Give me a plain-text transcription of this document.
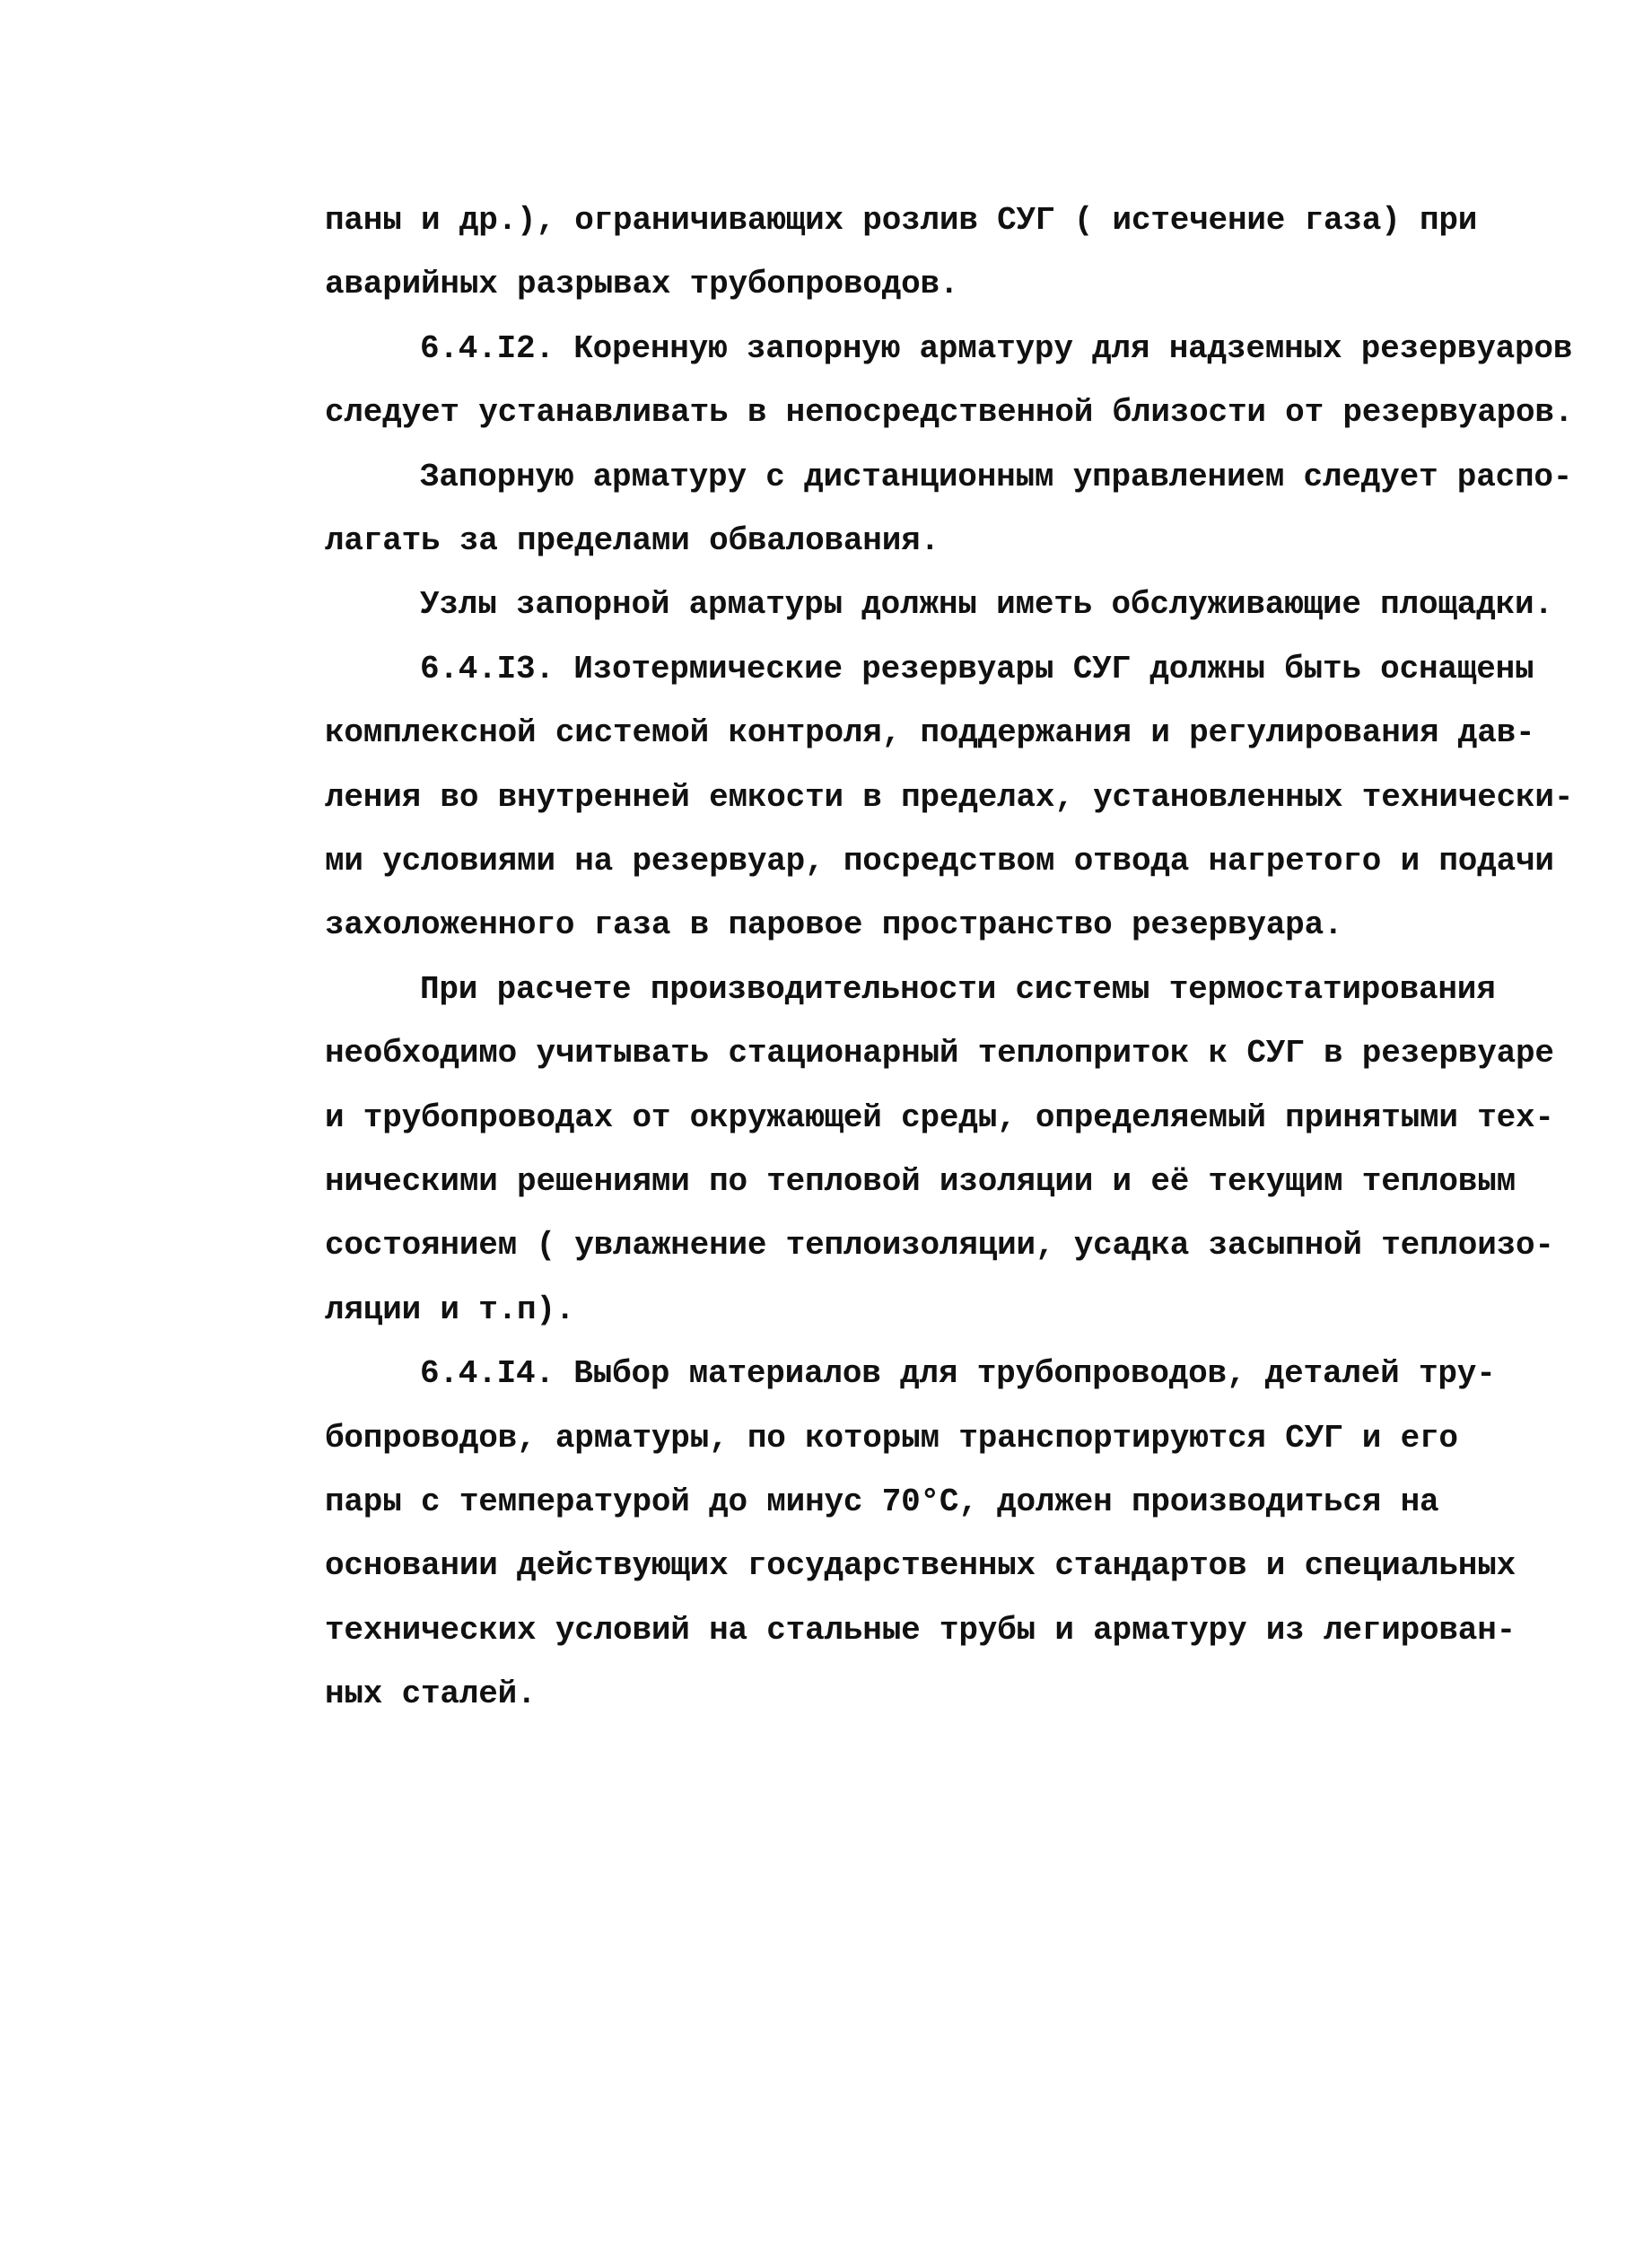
паны и др.), ограничивающих розлив СУГ ( истечение газа) при
аварийных разрывах трубопроводов.
6.4.I2. Коренную запорную арматуру для надземных резервуаров
следует устанавливать в непосредственной близости от резервуаров.
Запорную арматуру с дистанционным управлением следует распо-
лагать за пределами обвалования.
Узлы запорной арматуры должны иметь обслуживающие площадки.
6.4.I3. Изотермические резервуары СУГ должны быть оснащены
комплексной системой контроля, поддержания и регулирования дав-
ления во внутренней емкости в пределах, установленных технически-
ми условиями на резервуар, посредством отвода нагретого и подачи
захоложенного газа в паровое пространство резервуара.
При расчете производительности системы термостатирования
необходимо учитывать стационарный теплоприток к СУГ в резервуаре
и трубопроводах от окружающей среды, определяемый принятыми тех-
ническими решениями по тепловой изоляции и её текущим тепловым
состоянием ( увлажнение теплоизоляции, усадка засыпной теплоизо-
ляции и т.п).
6.4.I4. Выбор материалов для трубопроводов, деталей тру-
бопроводов, арматуры, по которым транспортируются СУГ и его
пары с температурой до минус 70°С, должен производиться на
основании действующих государственных стандартов и специальных
технических условий на стальные трубы и арматуру из легирован-
ных сталей.
